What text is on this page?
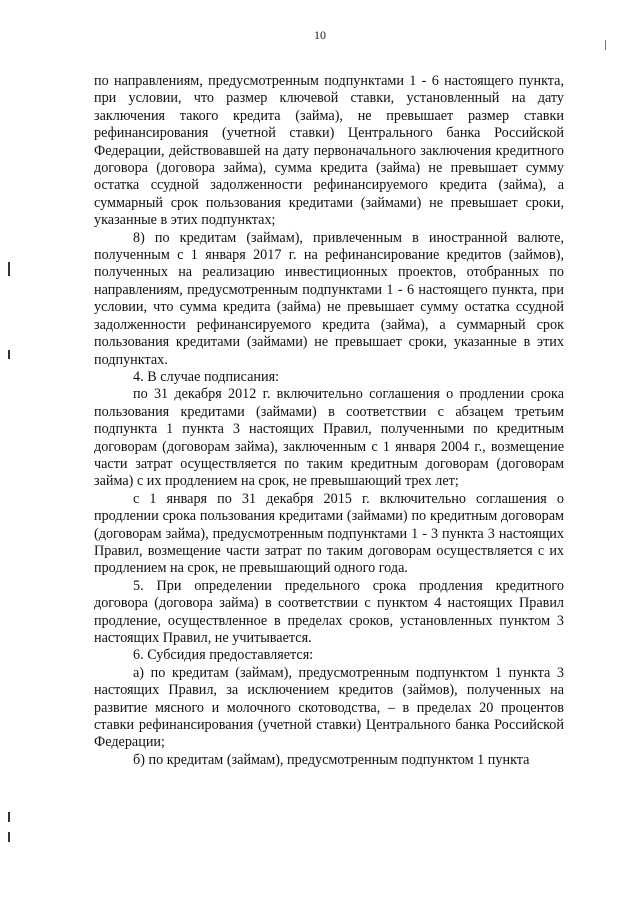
10

по направлениям, предусмотренным подпунктами 1 - 6 настоящего пункта, при условии, что размер ключевой ставки, установленный на дату заключения такого кредита (займа), не превышает размер ставки рефинансирования (учетной ставки) Центрального банка Российской Федерации, действовавшей на дату первоначального заключения кредитного договора (договора займа), сумма кредита (займа) не превышает сумму остатка ссудной задолженности рефинансируемого кредита (займа), а суммарный срок пользования кредитами (займами) не превышает сроки, указанные в этих подпунктах;

8) по кредитам (займам), привлеченным в иностранной валюте, полученным с 1 января 2017 г. на рефинансирование кредитов (займов), полученных на реализацию инвестиционных проектов, отобранных по направлениям, предусмотренным подпунктами 1 - 6 настоящего пункта, при условии, что сумма кредита (займа) не превышает сумму остатка ссудной задолженности рефинансируемого кредита (займа), а суммарный срок пользования кредитами (займами) не превышает сроки, указанные в этих подпунктах.

4. В случае подписания:

по 31 декабря 2012 г. включительно соглашения о продлении срока пользования кредитами (займами) в соответствии с абзацем третьим подпункта 1 пункта 3 настоящих Правил, полученными по кредитным договорам (договорам займа), заключенным с 1 января 2004 г., возмещение части затрат осуществляется по таким кредитным договорам (договорам займа) с их продлением на срок, не превышающий трех лет;

с 1 января по 31 декабря 2015 г. включительно соглашения о продлении срока пользования кредитами (займами) по кредитным договорам (договорам займа), предусмотренным подпунктами 1 - 3 пункта 3 настоящих Правил, возмещение части затрат по таким договорам осуществляется с их продлением на срок, не превышающий одного года.

5. При определении предельного срока продления кредитного договора (договора займа) в соответствии с пунктом 4 настоящих Правил продление, осуществленное в пределах сроков, установленных пунктом 3 настоящих Правил, не учитывается.

6. Субсидия предоставляется:

а) по кредитам (займам), предусмотренным подпунктом 1 пункта 3 настоящих Правил, за исключением кредитов (займов), полученных на развитие мясного и молочного скотоводства, – в пределах 20 процентов ставки рефинансирования (учетной ставки) Центрального банка Российской Федерации;

б) по кредитам (займам), предусмотренным подпунктом 1 пункта
